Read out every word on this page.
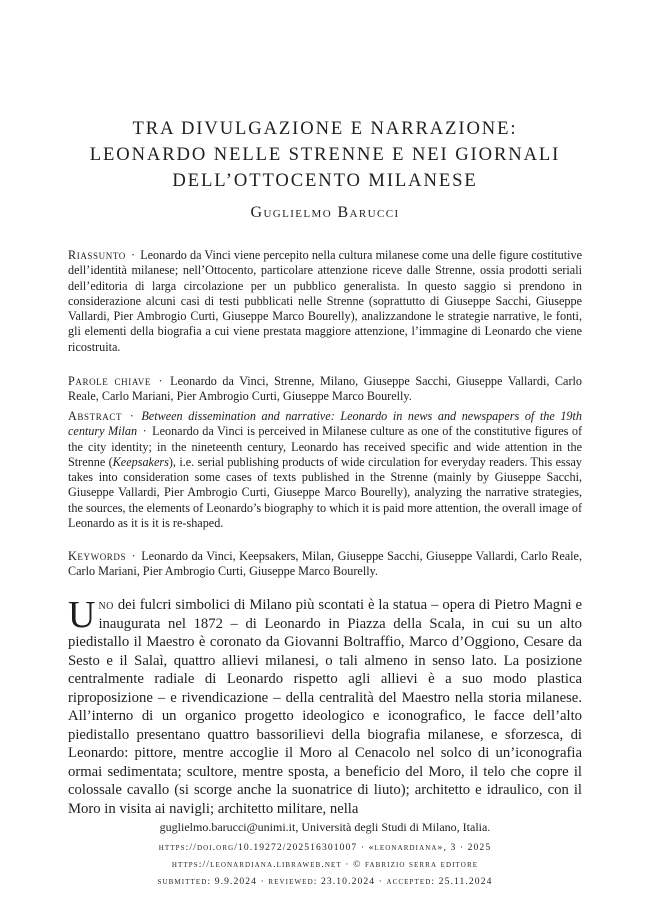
TRA DIVULGAZIONE E NARRAZIONE:
LEONARDO NELLE STRENNE E NEI GIORNALI
DELL’OTTOCENTO MILANESE
Guglielmo Barucci
Riassunto · Leonardo da Vinci viene percepito nella cultura milanese come una delle figure costitutive dell’identità milanese; nell’Ottocento, particolare attenzione riceve dalle Strenne, ossia prodotti seriali dell’editoria di larga circolazione per un pubblico generalista. In questo saggio si prendono in considerazione alcuni casi di testi pubblicati nelle Strenne (soprattutto di Giuseppe Sacchi, Giuseppe Vallardi, Pier Ambrogio Curti, Giuseppe Marco Bourelly), analizzandone le strategie narrative, le fonti, gli elementi della biografia a cui viene prestata maggiore attenzione, l’immagine di Leonardo che viene ricostruita.
Parole chiave · Leonardo da Vinci, Strenne, Milano, Giuseppe Sacchi, Giuseppe Vallardi, Carlo Reale, Carlo Mariani, Pier Ambrogio Curti, Giuseppe Marco Bourelly.
Abstract · Between dissemination and narrative: Leonardo in news and newspapers of the 19th century Milan · Leonardo da Vinci is perceived in Milanese culture as one of the constitutive figures of the city identity; in the nineteenth century, Leonardo has received specific and wide attention in the Strenne (Keepsakers), i.e. serial publishing products of wide circulation for everyday readers. This essay takes into consideration some cases of texts published in the Strenne (mainly by Giuseppe Sacchi, Giuseppe Vallardi, Pier Ambrogio Curti, Giuseppe Marco Bourelly), analyzing the narrative strategies, the sources, the elements of Leonardo’s biography to which it is paid more attention, the overall image of Leonardo as it is it is re-shaped.
Keywords · Leonardo da Vinci, Keepsakers, Milan, Giuseppe Sacchi, Giuseppe Vallardi, Carlo Reale, Carlo Mariani, Pier Ambrogio Curti, Giuseppe Marco Bourelly.
U no dei fulcri simbolici di Milano più scontati è la statua – opera di Pietro Magni e inaugurata nel 1872 – di Leonardo in Piazza della Scala, in cui su un alto piedistallo il Maestro è coronato da Giovanni Boltraffio, Marco d’Oggiono, Cesare da Sesto e il Salaì, quattro allievi milanesi, o tali almeno in senso lato. La posizione centralmente radiale di Leonardo rispetto agli allievi è a suo modo plastica riproposizione – e rivendicazione – della centralità del Maestro nella storia milanese. All’interno di un organico progetto ideologico e iconografico, le facce dell’alto piedistallo presentano quattro bassorilievi della biografia milanese, e sforzesca, di Leonardo: pittore, mentre accoglie il Moro al Cenacolo nel solco di un’iconografia ormai sedimentata; scultore, mentre sposta, a beneficio del Moro, il telo che copre il colossale cavallo (si scorge anche la suonatrice di liuto); architetto e idraulico, con il Moro in visita ai navigli; architetto militare, nella
guglielmo.barucci@unimi.it, Università degli Studi di Milano, Italia.
https://doi.org/10.19272/202516301007 · «leonardiana», 3 · 2025
https://leonardiana.libraweb.net · © fabrizio serra editore
submitted: 9.9.2024 · reviewed: 23.10.2024 · accepted: 25.11.2024
